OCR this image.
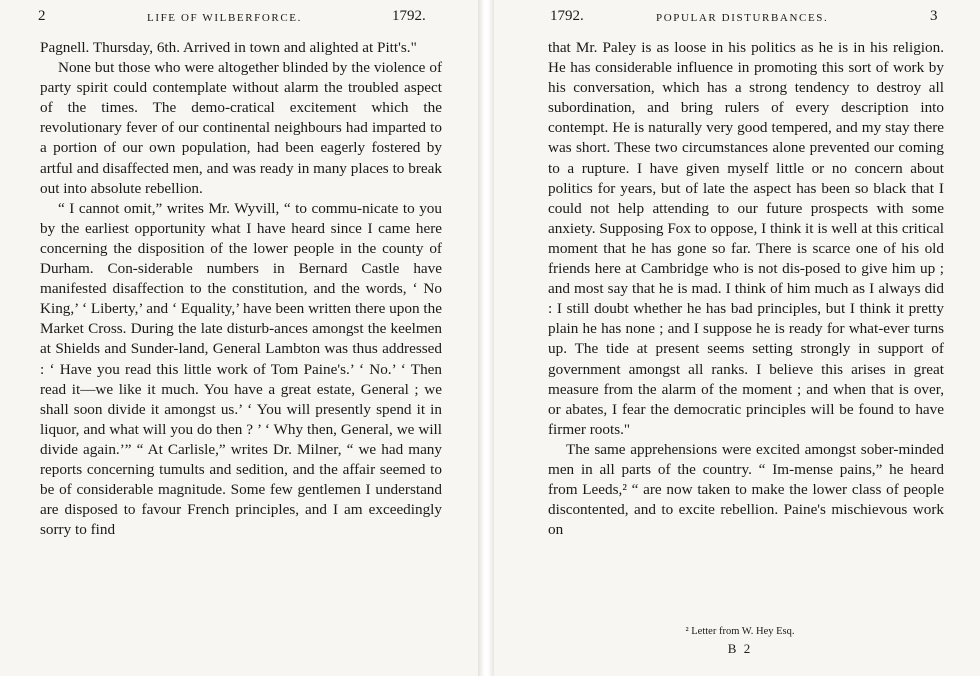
2	LIFE OF WILBERFORCE.	1792.

Pagnell. Thursday, 6th. Arrived in town and alighted at Pitt's."

None but those who were altogether blinded by the violence of party spirit could contemplate without alarm the troubled aspect of the times. The demo-cratical excitement which the revolutionary fever of our continental neighbours had imparted to a portion of our own population, had been eagerly fostered by artful and disaffected men, and was ready in many places to break out into absolute rebellion.

“ I cannot omit,” writes Mr. Wyvill, “ to commu-nicate to you by the earliest opportunity what I have heard since I came here concerning the disposition of the lower people in the county of Durham. Con-siderable numbers in Bernard Castle have manifested disaffection to the constitution, and the words, ‘ No King,’ ‘ Liberty,’ and ‘ Equality,’ have been written there upon the Market Cross. During the late disturb-ances amongst the keelmen at Shields and Sunder-land, General Lambton was thus addressed : ‘ Have you read this little work of Tom Paine's.’ ‘ No.’ ‘ Then read it—we like it much. You have a great estate, General ; we shall soon divide it amongst us.’ ‘ You will presently spend it in liquor, and what will you do then ? ’ ‘ Why then, General, we will divide again.’” “ At Carlisle,” writes Dr. Milner, “ we had many reports concerning tumults and sedition, and the affair seemed to be of considerable magnitude. Some few gentlemen I understand are disposed to favour French principles, and I am exceedingly sorry to find

1792.	POPULAR DISTURBANCES.	3

that Mr. Paley is as loose in his politics as he is in his religion. He has considerable influence in promoting this sort of work by his conversation, which has a strong tendency to destroy all subordination, and bring rulers of every description into contempt. He is naturally very good tempered, and my stay there was short. These two circumstances alone prevented our coming to a rupture. I have given myself little or no concern about politics for years, but of late the aspect has been so black that I could not help attending to our future prospects with some anxiety. Supposing Fox to oppose, I think it is well at this critical moment that he has gone so far. There is scarce one of his old friends here at Cambridge who is not dis-posed to give him up ; and most say that he is mad. I think of him much as I always did : I still doubt whether he has bad principles, but I think it pretty plain he has none ; and I suppose he is ready for what-ever turns up. The tide at present seems setting strongly in support of government amongst all ranks. I believe this arises in great measure from the alarm of the moment ; and when that is over, or abates, I fear the democratic principles will be found to have firmer roots."

The same apprehensions were excited amongst sober-minded men in all parts of the country. “ Im-mense pains,” he heard from Leeds,² “ are now taken to make the lower class of people discontented, and to excite rebellion. Paine's mischievous work on

² Letter from W. Hey Esq.
B 2
